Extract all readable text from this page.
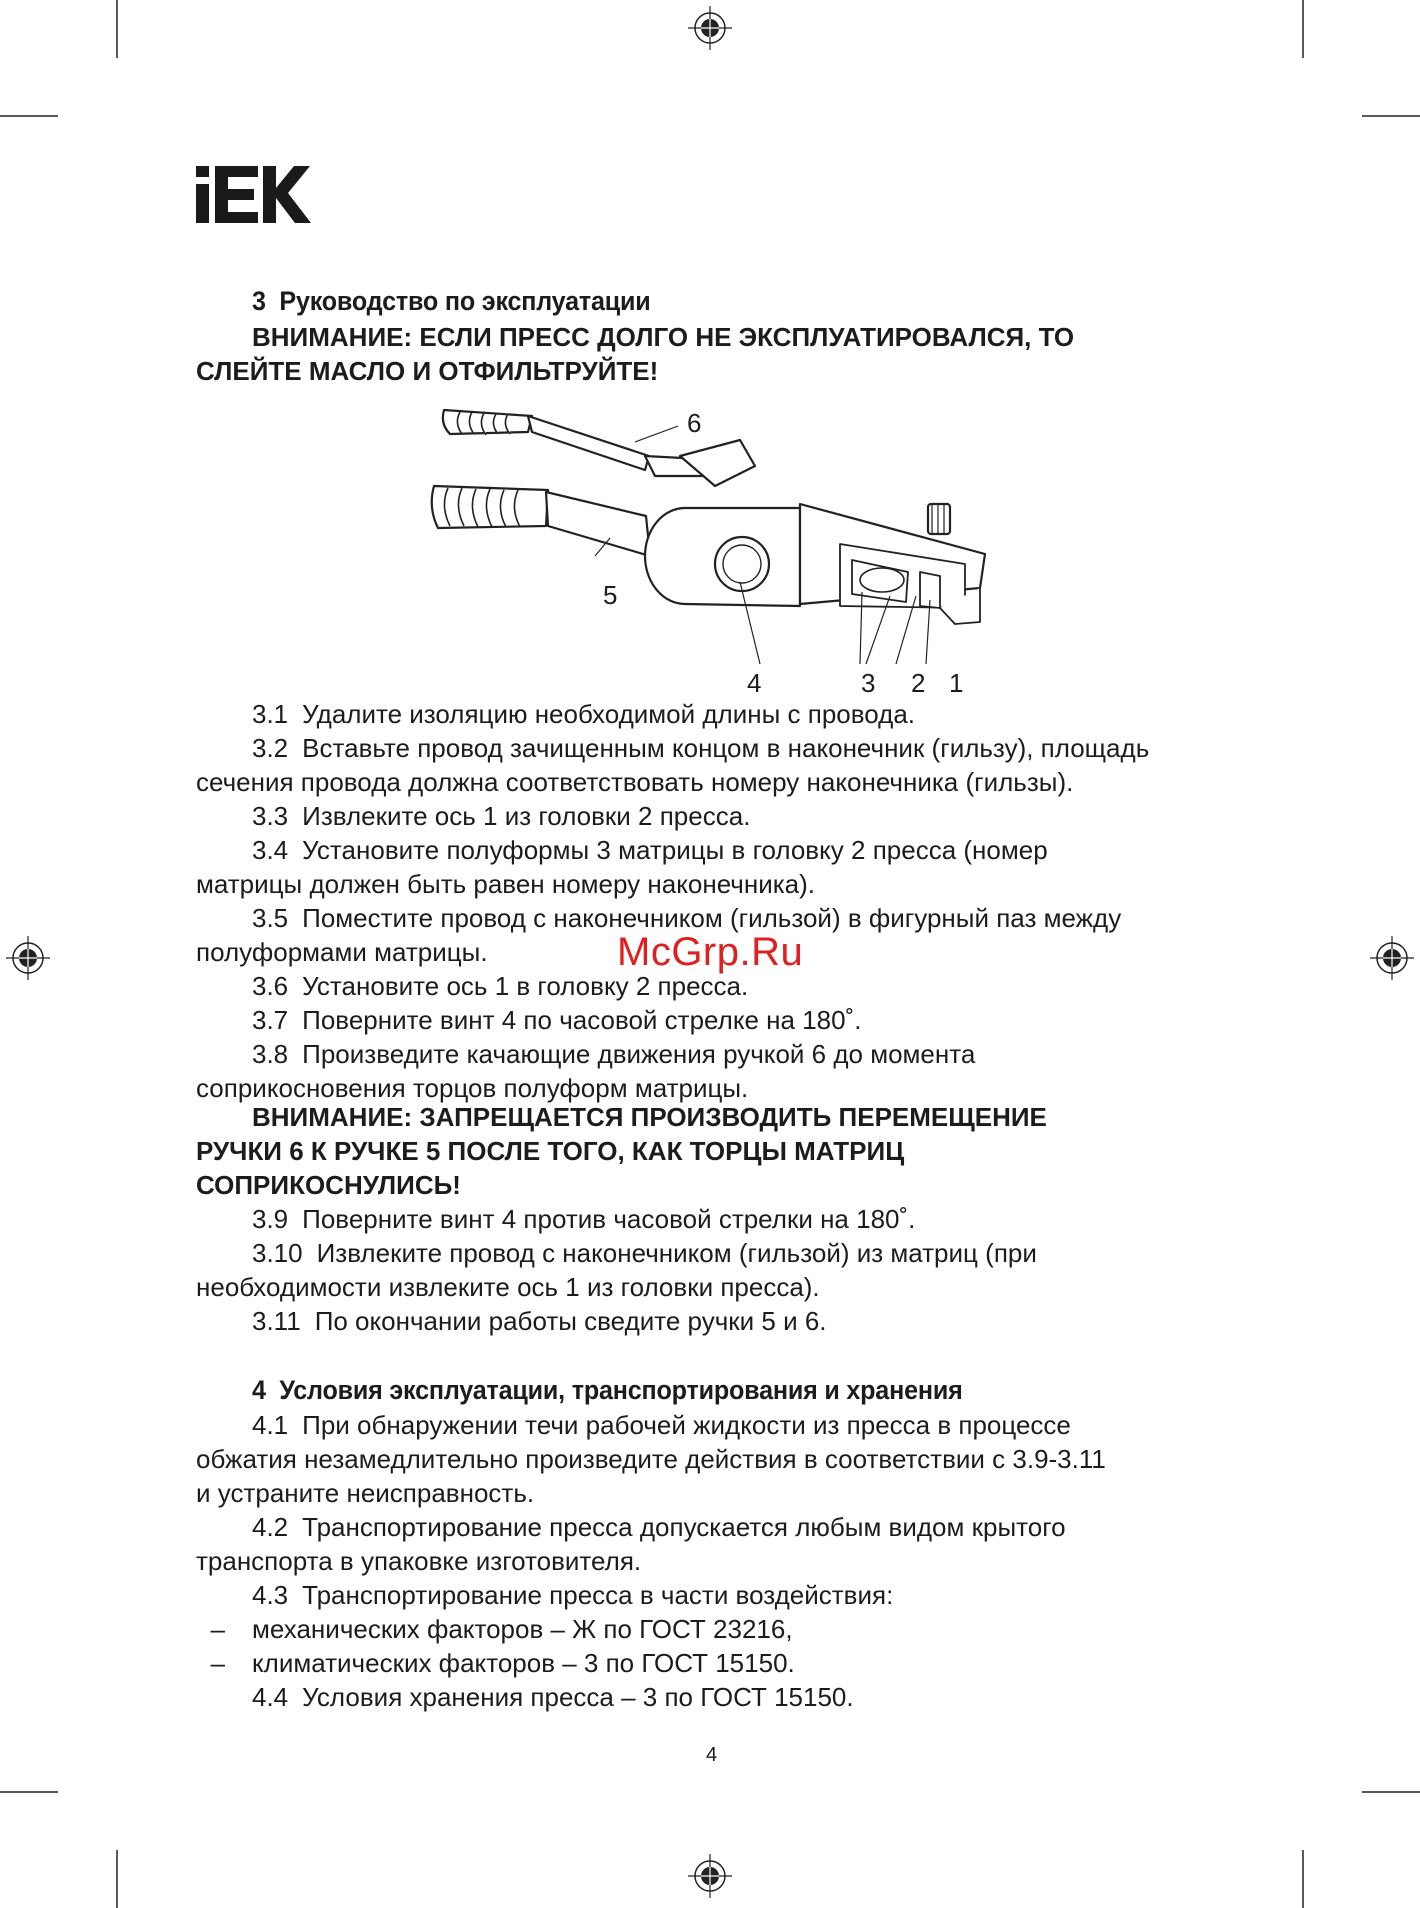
3 Руководство по эксплуатации
ВНИМАНИЕ: ЕСЛИ ПРЕСС ДОЛГО НЕ ЭКСПЛУАТИРОВАЛСЯ, ТО
СЛЕЙТЕ МАСЛО И ОТФИЛЬТРУЙТЕ!
6
5
4	3 2 1
3.1 Удалите изоляцию необходимой длины с провода.
3.2 Вставьте провод зачищенным концом в наконечник (гильзу), площадь
сечения провода должна соответствовать номеру наконечника (гильзы).
3.3 Извлеките ось 1 из головки 2 пресса.
3.4 Установите полуформы 3 матрицы в головку 2 пресса (номер
матрицы должен быть равен номеру наконечника).
3.5 Поместите провод с наконечником (гильзой) в фигурный паз между
полуформами матрицы.
3.6 Установите ось 1 в головку 2 пресса.
3.7 Поверните винт 4 по часовой стрелке на 180˚.
3.8 Произведите качающие движения ручкой 6 до момента
соприкосновения торцов полуформ матрицы.
ВНИМАНИЕ: ЗАПРЕЩАЕТСЯ ПРОИЗВОДИТЬ ПЕРЕМЕЩЕНИЕ
РУЧКИ 6 К РУЧКЕ 5 ПОСЛЕ ТОГО, КАК ТОРЦЫ МАТРИЦ
СОПРИКОСНУЛИСЬ!
3.9 Поверните винт 4 против часовой стрелки на 180˚.
3.10 Извлеките провод с наконечником (гильзой) из матриц (при
необходимости извлеките ось 1 из головки пресса).
3.11 По окончании работы сведите ручки 5 и 6.
4 Условия эксплуатации, транспортирования и хранения
4.1 При обнаружении течи рабочей жидкости из пресса в процессе
обжатия незамедлительно произведите действия в соответствии с 3.9-3.11
и устраните неисправность.
4.2 Транспортирование пресса допускается любым видом крытого
транспорта в упаковке изготовителя.
4.3 Транспортирование пресса в части воздействия:
– механических факторов – Ж по ГОСТ 23216,
– климатических факторов – 3 по ГОСТ 15150.
4.4 Условия хранения пресса – 3 по ГОСТ 15150.
4
McGrp.Ru
